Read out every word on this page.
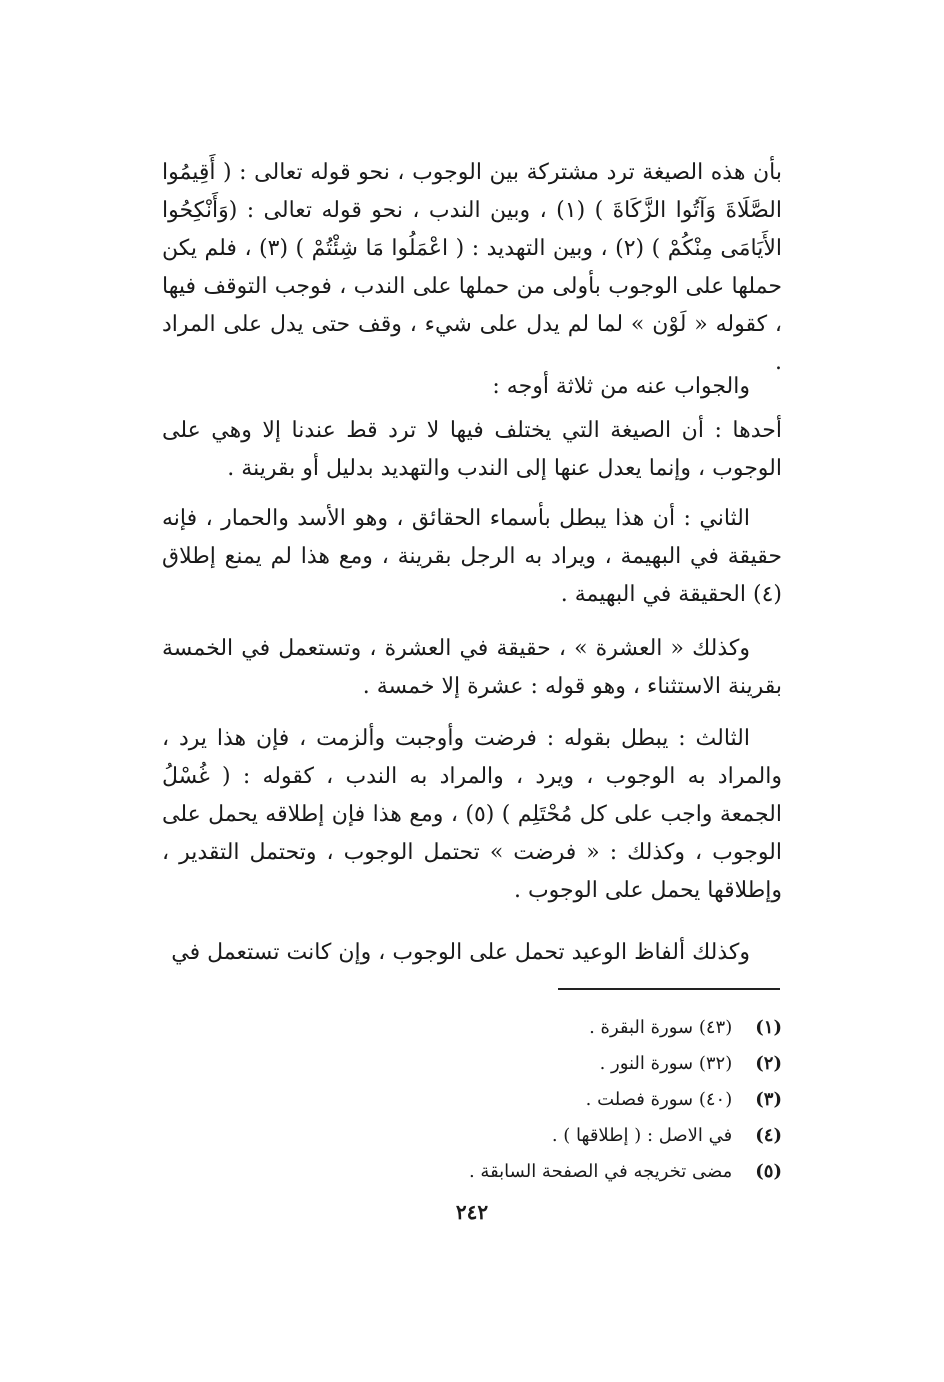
بأن هذه الصيغة ترد مشتركة بين الوجوب ، نحو قوله تعالى : ( أَقِيمُوا الصَّلَاةَ وَآتُوا الزَّكَاةَ ) (١) ، وبين الندب ، نحو قوله تعالى : (وَأَنْكِحُوا الأَيَامَى مِنْكُمْ ) (٢) ، وبين التهديد : ( اعْمَلُوا مَا شِئْتُمْ ) (٣) ، فلم يكن حملها على الوجوب بأولى من حملها على الندب ، فوجب التوقف فيها ، كقوله « لَوْن » لما لم يدل على شيء ، وقف حتى يدل على المراد .

والجواب عنه من ثلاثة أوجه :

أحدها : أن الصيغة التي يختلف فيها لا ترد قط عندنا إلا وهي على الوجوب ، وإنما يعدل عنها إلى الندب والتهديد بدليل أو بقرينة .

الثاني : أن هذا يبطل بأسماء الحقائق ، وهو الأسد والحمار ، فإنه حقيقة في البهيمة ، ويراد به الرجل بقرينة ، ومع هذا لم يمنع إطلاق (٤) الحقيقة في البهيمة .

وكذلك « العشرة » ، حقيقة في العشرة ، وتستعمل في الخمسة بقرينة الاستثناء ، وهو قوله : عشرة إلا خمسة .

الثالث : يبطل بقوله : فرضت وأوجبت وألزمت ، فإن هذا يرد ، والمراد به الوجوب ، ويرد ، والمراد به الندب ، كقوله : ( غُسْلُ الجمعة واجب على كل مُحْتَلِم ) (٥) ، ومع هذا فإن إطلاقه يحمل على الوجوب ، وكذلك : « فرضت » تحتمل الوجوب ، وتحتمل التقدير ، وإطلاقها يحمل على الوجوب .

وكذلك ألفاظ الوعيد تحمل على الوجوب ، وإن كانت تستعمل في

(١) (٤٣) سورة البقرة .
(٢) (٣٢) سورة النور .
(٣) (٤٠) سورة فصلت .
(٤) في الاصل : ( إطلاقها ) .
(٥) مضى تخريجه في الصفحة السابقة .
٢٤٢
